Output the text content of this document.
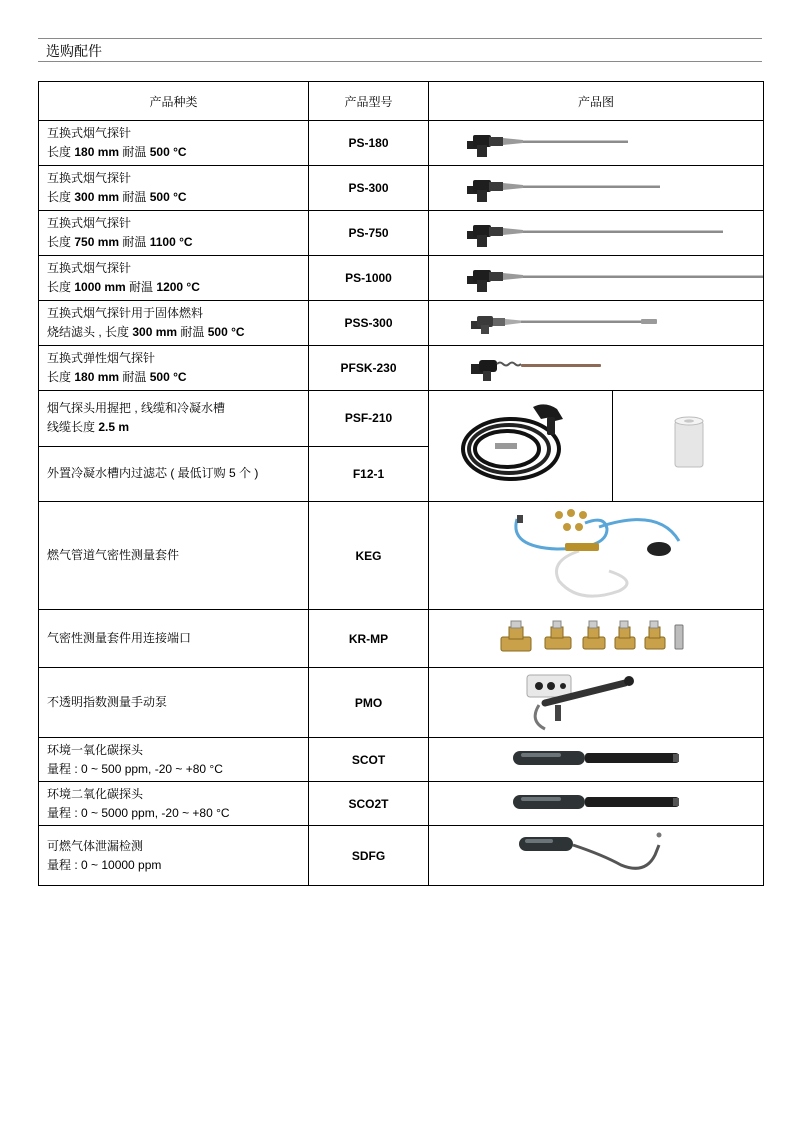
选购配件
产品种类	产品型号	产品图	
互换式烟气探针
长度 180 mm 耐温 500 °C	PS-180	

互换式烟气探针
长度 300 mm 耐温 500 °C	PS-300	

互换式烟气探针
长度 750 mm 耐温 1100 °C	PS-750	

互换式烟气探针
长度 1000 mm 耐温 1200 °C	PS-1000	

互换式烟气探针用于固体燃料
烧结滤头 , 长度 300 mm 耐温 500 °C	PSS-300	

互换式弹性烟气探针
长度 180 mm 耐温 500 °C	PFSK-230	

烟气探头用握把 , 线缆和冷凝水槽
线缆长度 2.5 m	PSF-210	

外置冷凝水槽内过滤芯 ( 最低订购 5 个 )	F12-1		
燃气管道气密性测量套件	KEG	

气密性测量套件用连接端口	KR-MP	

不透明指数测量手动泵	PMO	

环境一氧化碳探头
量程 : 0 ~ 500 ppm, -20 ~ +80 °C	SCOT	

环境二氧化碳探头
量程 : 0 ~ 5000 ppm, -20 ~ +80 °C	SCO2T	

可燃气体泄漏检测
量程 : 0 ~ 10000 ppm	SDFG	
